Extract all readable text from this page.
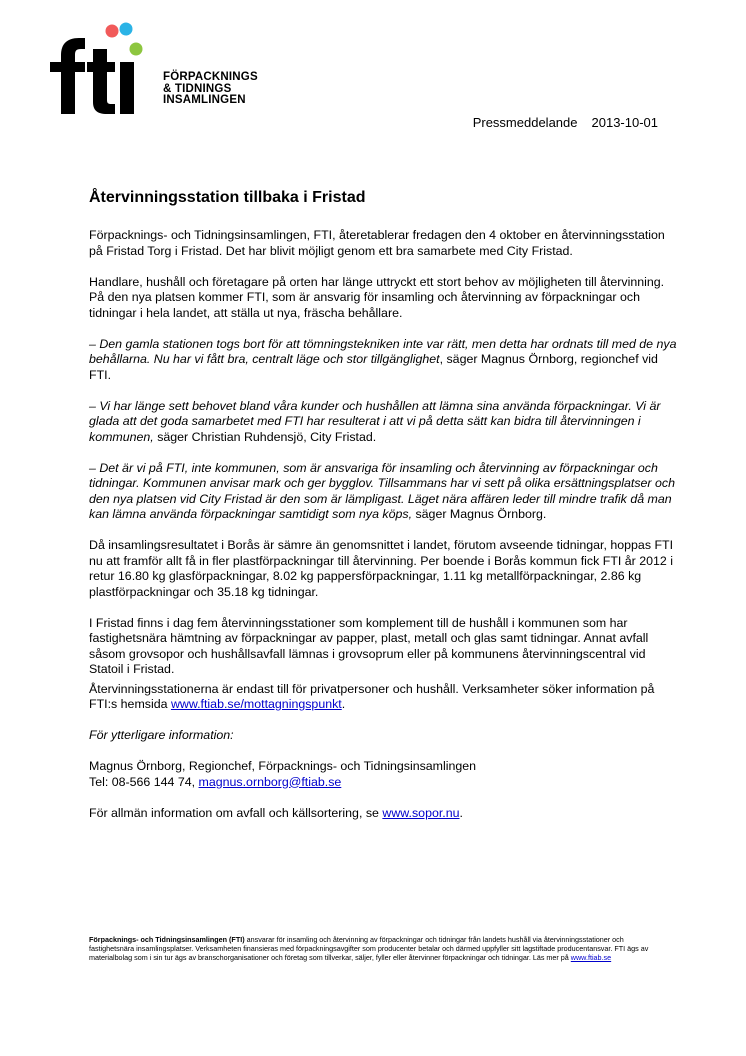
FÖRPACKNINGS
& TIDNINGS
INSAMLINGEN
Pressmeddelande 2013-10-01
Återvinningsstation tillbaka i Fristad

Förpacknings- och Tidningsinsamlingen, FTI, återetablerar fredagen den 4 oktober en återvinningsstation på Fristad Torg i Fristad. Det har blivit möjligt genom ett bra samarbete med City Fristad.

Handlare, hushåll och företagare på orten har länge uttryckt ett stort behov av möjligheten till återvinning. På den nya platsen kommer FTI, som är ansvarig för insamling och återvinning av förpackningar och tidningar i hela landet, att ställa ut nya, fräscha behållare.

– Den gamla stationen togs bort för att tömningstekniken inte var rätt, men detta har ordnats till med de nya behållarna. Nu har vi fått bra, centralt läge och stor tillgänglighet, säger Magnus Örnborg, regionchef vid FTI.

– Vi har länge sett behovet bland våra kunder och hushållen att lämna sina använda förpackningar. Vi är glada att det goda samarbetet med FTI har resulterat i att vi på detta sätt kan bidra till återvinningen i kommunen, säger Christian Ruhdensjö, City Fristad.

– Det är vi på FTI, inte kommunen, som är ansvariga för insamling och återvinning av förpackningar och tidningar. Kommunen anvisar mark och ger bygglov. Tillsammans har vi sett på olika ersättningsplatser och den nya platsen vid City Fristad är den som är lämpligast. Läget nära affären leder till mindre trafik då man kan lämna använda förpackningar samtidigt som nya köps, säger Magnus Örnborg.

Då insamlingsresultatet i Borås är sämre än genomsnittet i landet, förutom avseende tidningar, hoppas FTI nu att framför allt få in fler plastförpackningar till återvinning. Per boende i Borås kommun fick FTI år 2012 i retur 16.80 kg glasförpackningar, 8.02 kg pappersförpackningar, 1.11 kg metallförpackningar, 2.86 kg plastförpackningar och 35.18 kg tidningar.

I Fristad finns i dag fem återvinningsstationer som komplement till de hushåll i kommunen som har fastighetsnära hämtning av förpackningar av papper, plast, metall och glas samt tidningar. Annat avfall såsom grovsopor och hushållsavfall lämnas i grovsoprum eller på kommunens återvinningscentral vid Statoil i Fristad.

Återvinningsstationerna är endast till för privatpersoner och hushåll. Verksamheter söker information på FTI:s hemsida www.ftiab.se/mottagningspunkt.

För ytterligare information:

Magnus Örnborg, Regionchef, Förpacknings- och Tidningsinsamlingen
Tel: 08-566 144 74, magnus.ornborg@ftiab.se

För allmän information om avfall och källsortering, se www.sopor.nu.

Förpacknings- och Tidningsinsamlingen (FTI) ansvarar för insamling och återvinning av förpackningar och tidningar från landets hushåll via återvinningsstationer och fastighetsnära insamlingsplatser. Verksamheten finansieras med förpackningsavgifter som producenter betalar och därmed uppfyller sitt lagstiftade producentansvar. FTI ägs av materialbolag som i sin tur ägs av branschorganisationer och företag som tillverkar, säljer, fyller eller återvinner förpackningar och tidningar. Läs mer på www.ftiab.se
